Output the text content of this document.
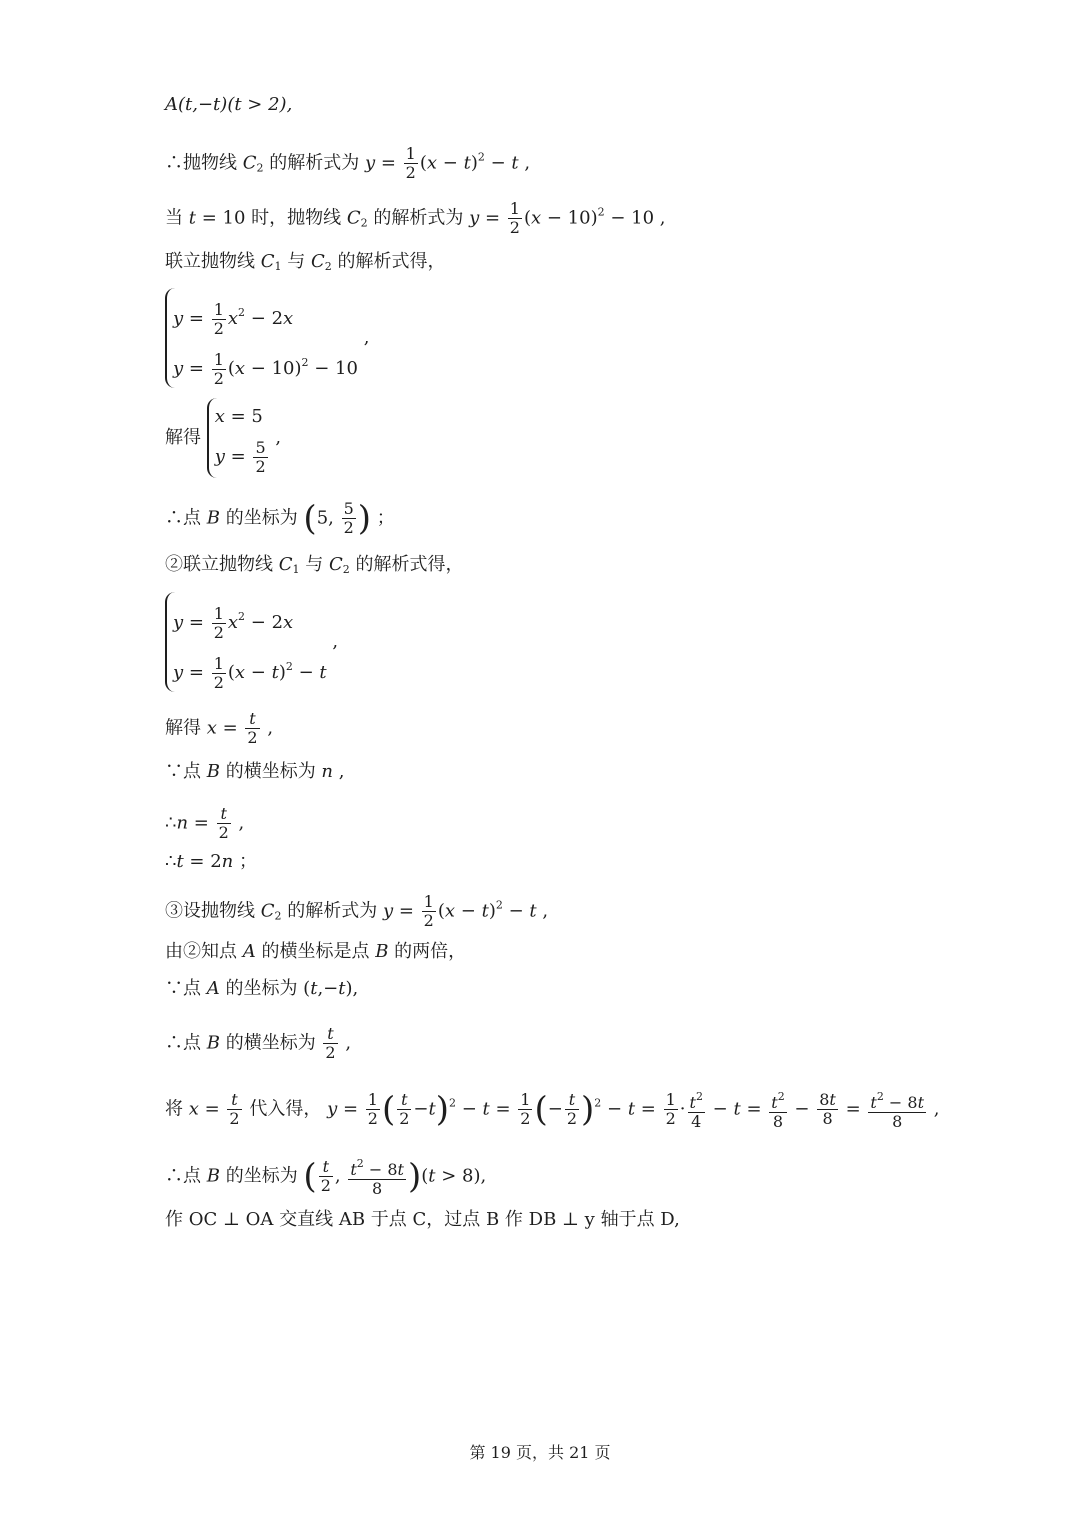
A(t,−t)(t > 2),
∴抛物线 $C_2$ 的解析式为 $y = \frac{1}{2} (x - t)^2 - t$ ,
当 t = 10 时，抛物线 $C_2$ 的解析式为 $y = \frac{1}{2} (x - 10)^2 - 10$ ,
联立抛物线 $C_1$ 与 $C_2$ 的解析式得，
$y = \frac{1}{2} x^2 - 2x$
$y = \frac{1}{2} (x - 10)^2 - 10$
,
解得
x = 5
$y = \frac{5}{2}$
,
∴点 B 的坐标为 (5, $\frac{5}{2}$ ) ；
②联立抛物线 $C_1$ 与 $C_2$ 的解析式得，
$y = \frac{1}{2} x^2 - 2x$
$y = \frac{1}{2} (x - t)^2 - t$
,
解得 $x = \frac{t}{2}$ ,
∵点 B 的横坐标为 n ,
∴n = $\frac{t}{2}$ ,
∴t = 2n ；
③设抛物线 $C_2$ 的解析式为 $y = \frac{1}{2} (x - t)^2 - t$ ,
由②知点 A 的横坐标是点 B 的两倍，
∵点 A 的坐标为 (t,−t),
∴点 B 的横坐标为 $\frac{t}{2}$ ,
将 $x = \frac{t}{2}$ 代入得， $y = \frac{1}{2}$ ( $\frac{t}{2} -t)^2 - t = \frac{1}{2}$ (− $\frac{t}{2} )^2 - t = \frac{1}{2} \cdot \frac{t^2}{4} - t = \frac{t^2}{8} - \frac{8t}{8} = \frac{t^2 - 8t}{8}$ ,
∴点 B 的坐标为 ( $\frac{t}{2}$ , $\frac{t^2 - 8t}{8} )(t > 8)$,
作 OC ⊥ OA 交直线 AB 于点 C，过点 B 作 DB ⊥ y 轴于点 D,
第 19 页，共 21 页
